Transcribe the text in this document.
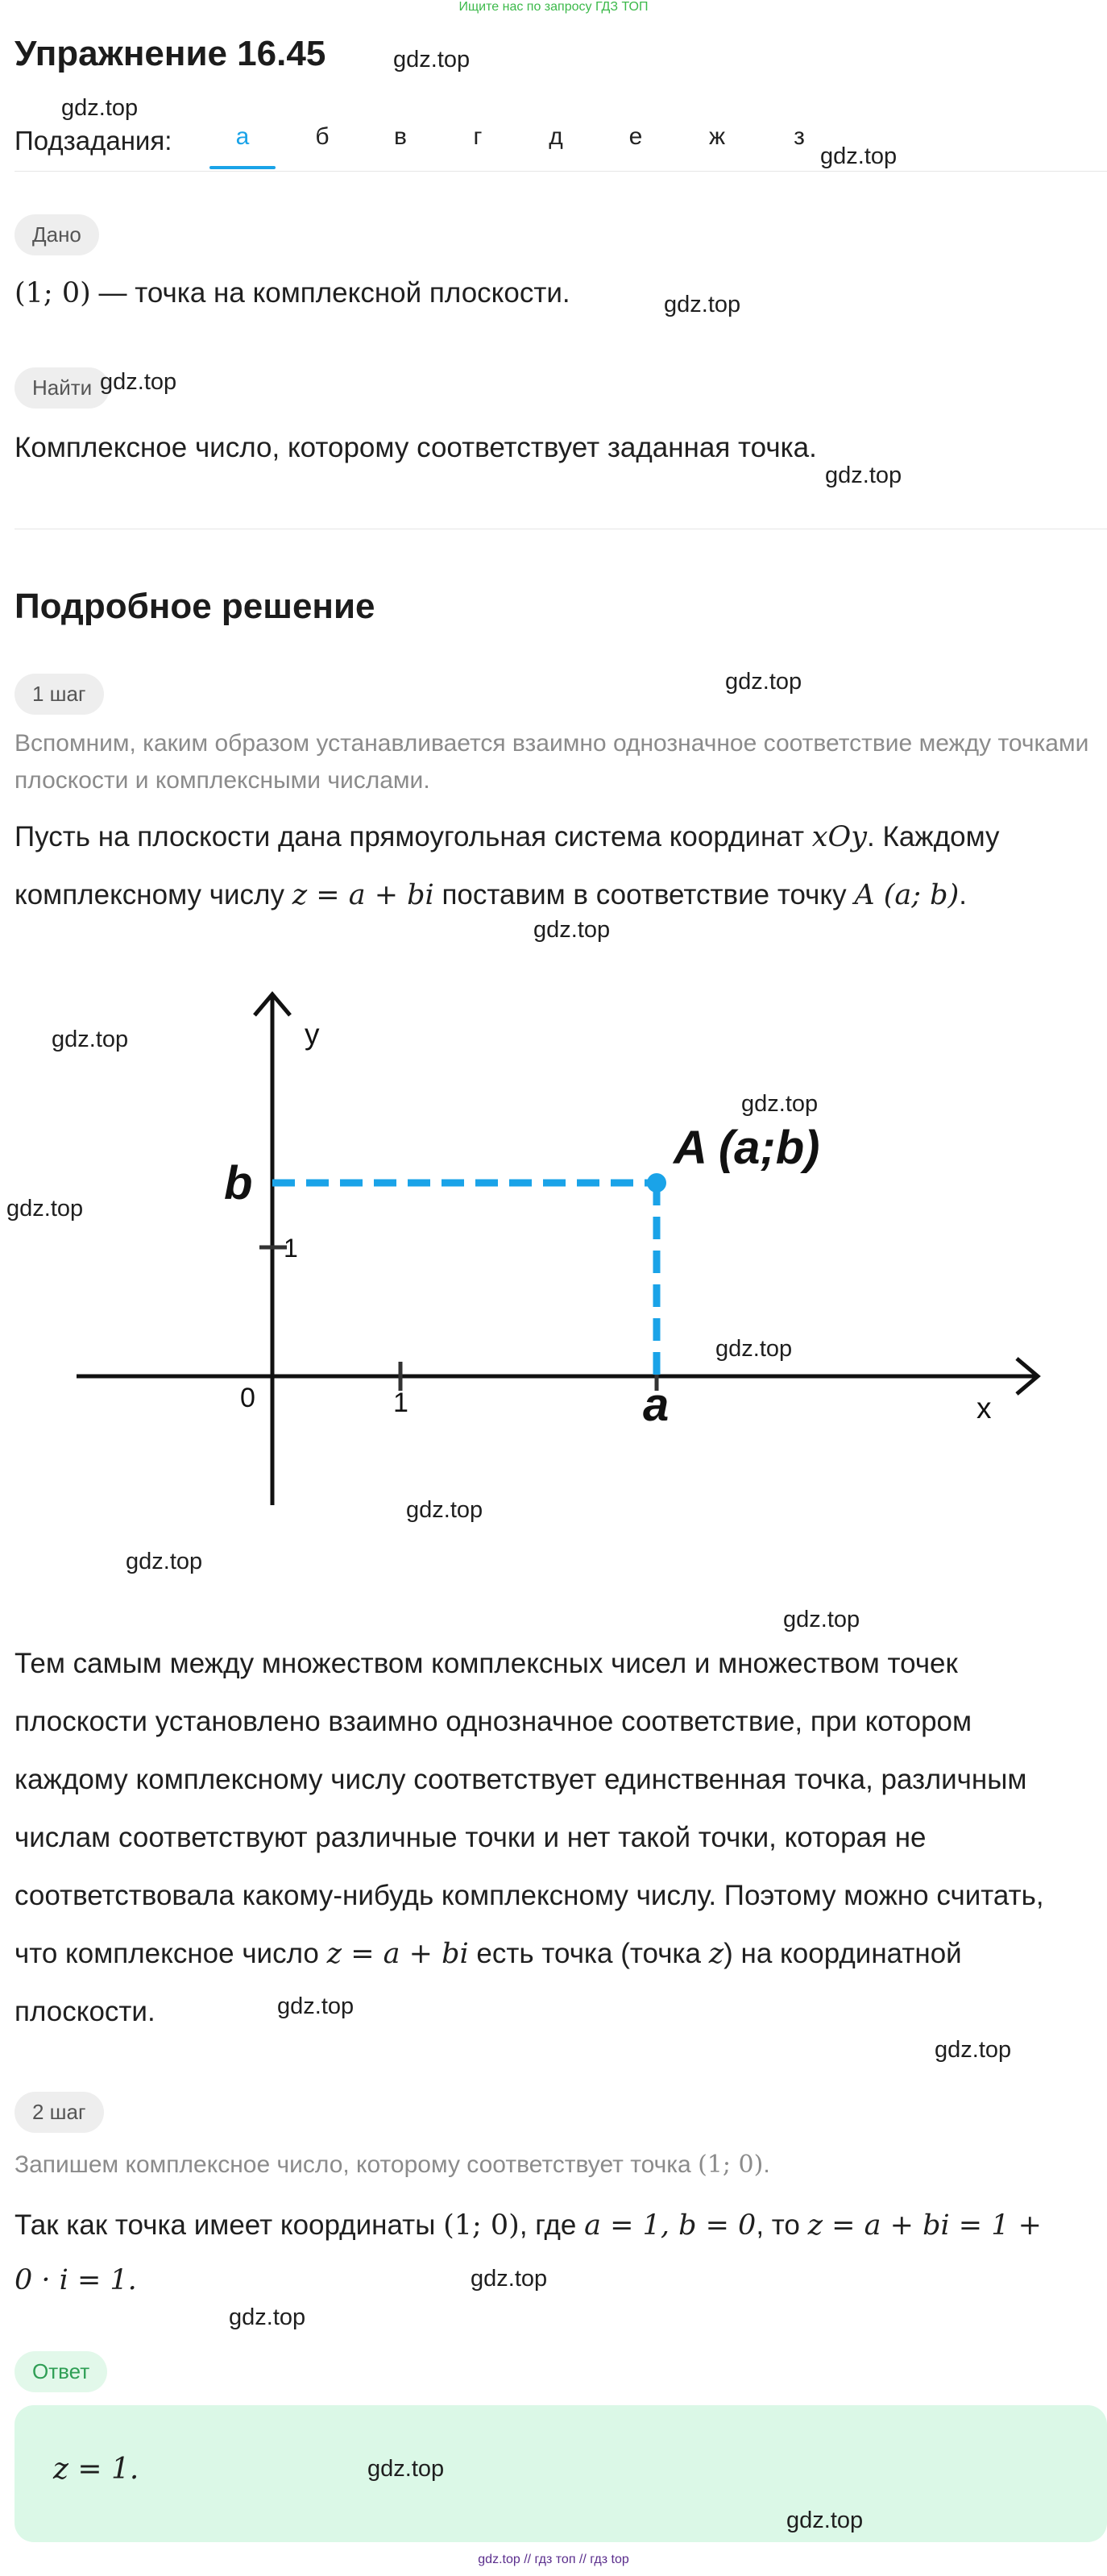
Ищите нас по запросу ГДЗ ТОП
Упражнение 16.45
Подзадания:	а	б	в	г	д	е	ж	з
Дано
(1; 0) — точка на комплексной плоскости.
Найти
Комплексное число, которому соответствует заданная точка.
Подробное решение
1 шаг
Вспомним, каким образом устанавливается взаимно однозначное соответствие между точками плоскости и комплексными числами.
Пусть на плоскости дана прямоугольная система координат xOy. Каждому
комплексному числу z = a + bi поставим в соответствие точку A (a; b).
y
x
0	1
1
b
a
A (a;b)
Тем самым между множеством комплексных чисел и множеством точек
плоскости установлено взаимно однозначное соответствие, при котором
каждому комплексному числу соответствует единственная точка, различным
числам соответствуют различные точки и нет такой точки, которая не
соответствовала какому-нибудь комплексному числу. Поэтому можно считать,
что комплексное число z = a + bi есть точка (точка z) на координатной
плоскости.
2 шаг
Запишем комплексное число, которому соответствует точка (1; 0).
Так как точка имеет координаты (1; 0), где a = 1, b = 0, то z = a + bi = 1 +
0 · i = 1.
Ответ
z = 1.
gdz.top
gdz.top
gdz.top
gdz.top
gdz.top
gdz.top
gdz.top
gdz.top
gdz.top
gdz.top
gdz.top
gdz.top
gdz.top
gdz.top
gdz.top
gdz.top
gdz.top
gdz.top
gdz.top
gdz.top
gdz.top
gdz.top // гдз топ // гдз top
